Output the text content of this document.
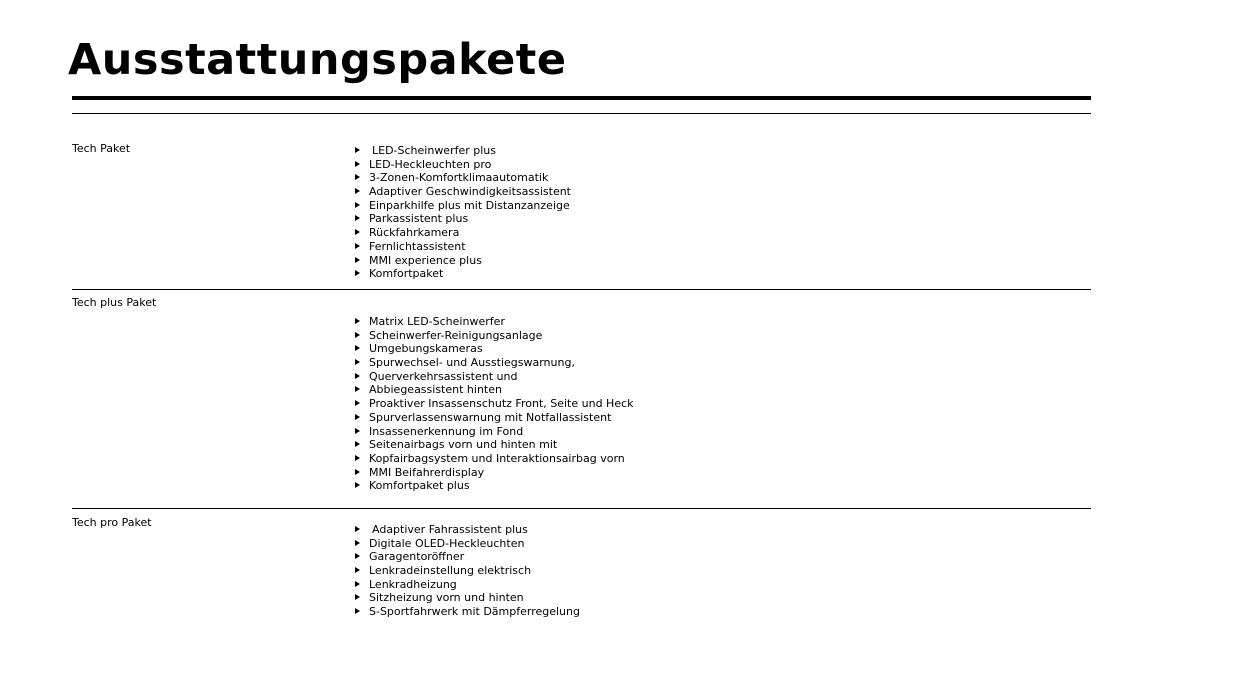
Ausstattungspakete
Tech Paket	LED-Scheinwerfer plus
LED-Heckleuchten pro
3-Zonen-Komfortklimaautomatik
Adaptiver Geschwindigkeitsassistent
Einparkhilfe plus mit Distanzanzeige
Parkassistent plus
Rückfahrkamera
Fernlichtassistent
MMI experience plus
Komfortpaket
Tech plus Paket
Matrix LED-Scheinwerfer
Scheinwerfer-Reinigungsanlage
Umgebungskameras
Spurwechsel- und Ausstiegswarnung,
Querverkehrsassistent und
Abbiegeassistent hinten
Proaktiver Insassenschutz Front, Seite und Heck
Spurverlassenswarnung mit Notfallassistent
Insassenerkennung im Fond
Seitenairbags vorn und hinten mit
Kopfairbagsystem und Interaktionsairbag vorn
MMI Beifahrerdisplay
Komfortpaket plus
Tech pro Paket
Adaptiver Fahrassistent plus
Digitale OLED-Heckleuchten
Garagentoröffner
Lenkradeinstellung elektrisch
Lenkradheizung
Sitzheizung vorn und hinten
S-Sportfahrwerk mit Dämpferregelung
